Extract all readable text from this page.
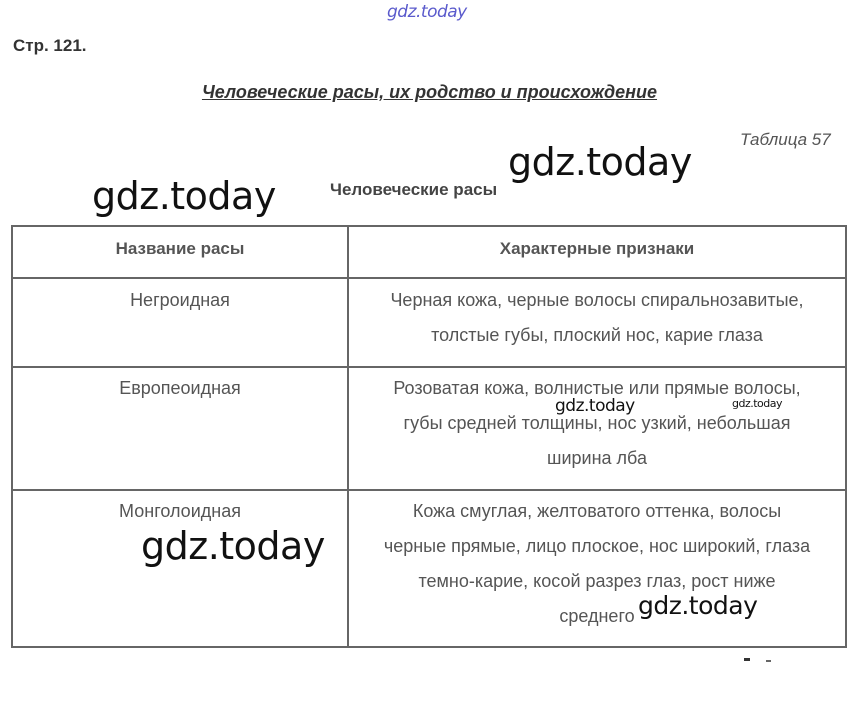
Стр. 121.
Человеческие расы, их родство и происхождение
Таблица 57
Человеческие расы
Название расы	Характерные признаки
Негроидная	Черная кожа, черные волосы спиральнозавитые,
толстые губы, плоский нос, карие глаза
Европеоидная	Розоватая кожа, волнистые или прямые волосы,
губы средней толщины, нос узкий, небольшая
ширина лба
Монголоидная	Кожа смуглая, желтоватого оттенка, волосы
черные прямые, лицо плоское, нос широкий, глаза
темно-карие, косой разрез глаз, рост ниже
среднего
gdz.today
gdz.today
gdz.today
gdz.today	gdz.today
gdz.today
gdz.today
